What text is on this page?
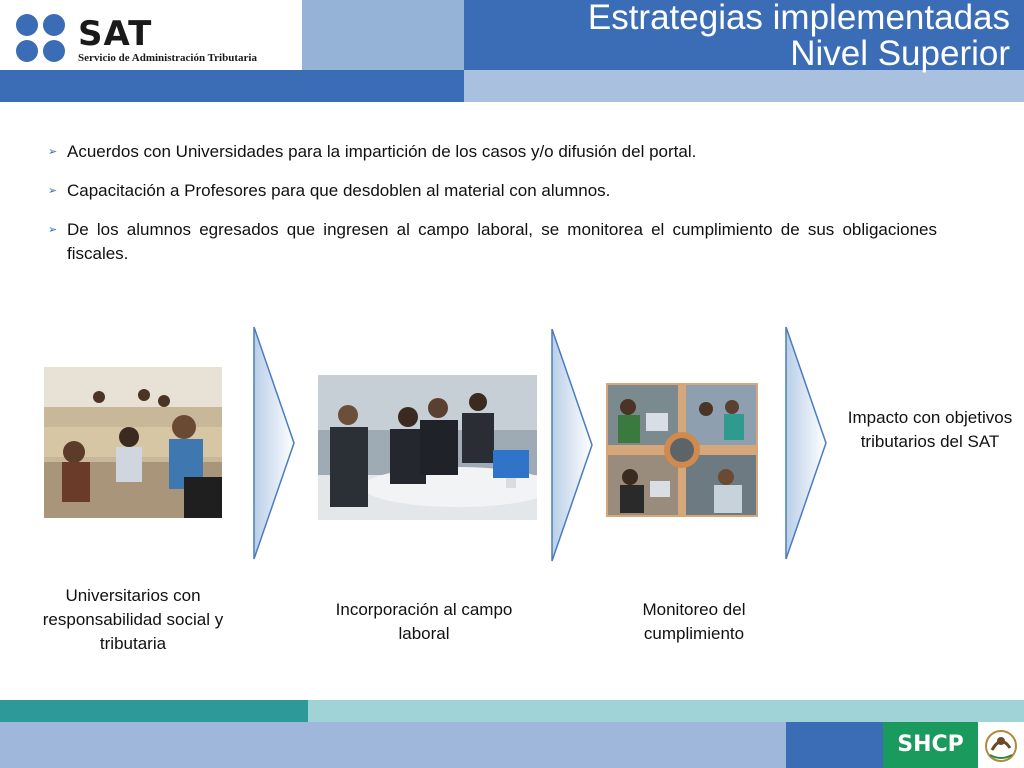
SAT
Servicio de Administración Tributaria
Estrategias implementadas
Nivel Superior
➢ Acuerdos con Universidades para la impartición de los casos y/o difusión del portal.
➢ Capacitación a Profesores para que desdoblen al material con alumnos.
➢ De los alumnos egresados que ingresen al campo laboral, se monitorea el cumplimiento de sus obligaciones fiscales.
Universitarios con responsabilidad social y tributaria
Incorporación al campo laboral
Monitoreo del cumplimiento
Impacto con objetivos tributarios del SAT
SHCP
